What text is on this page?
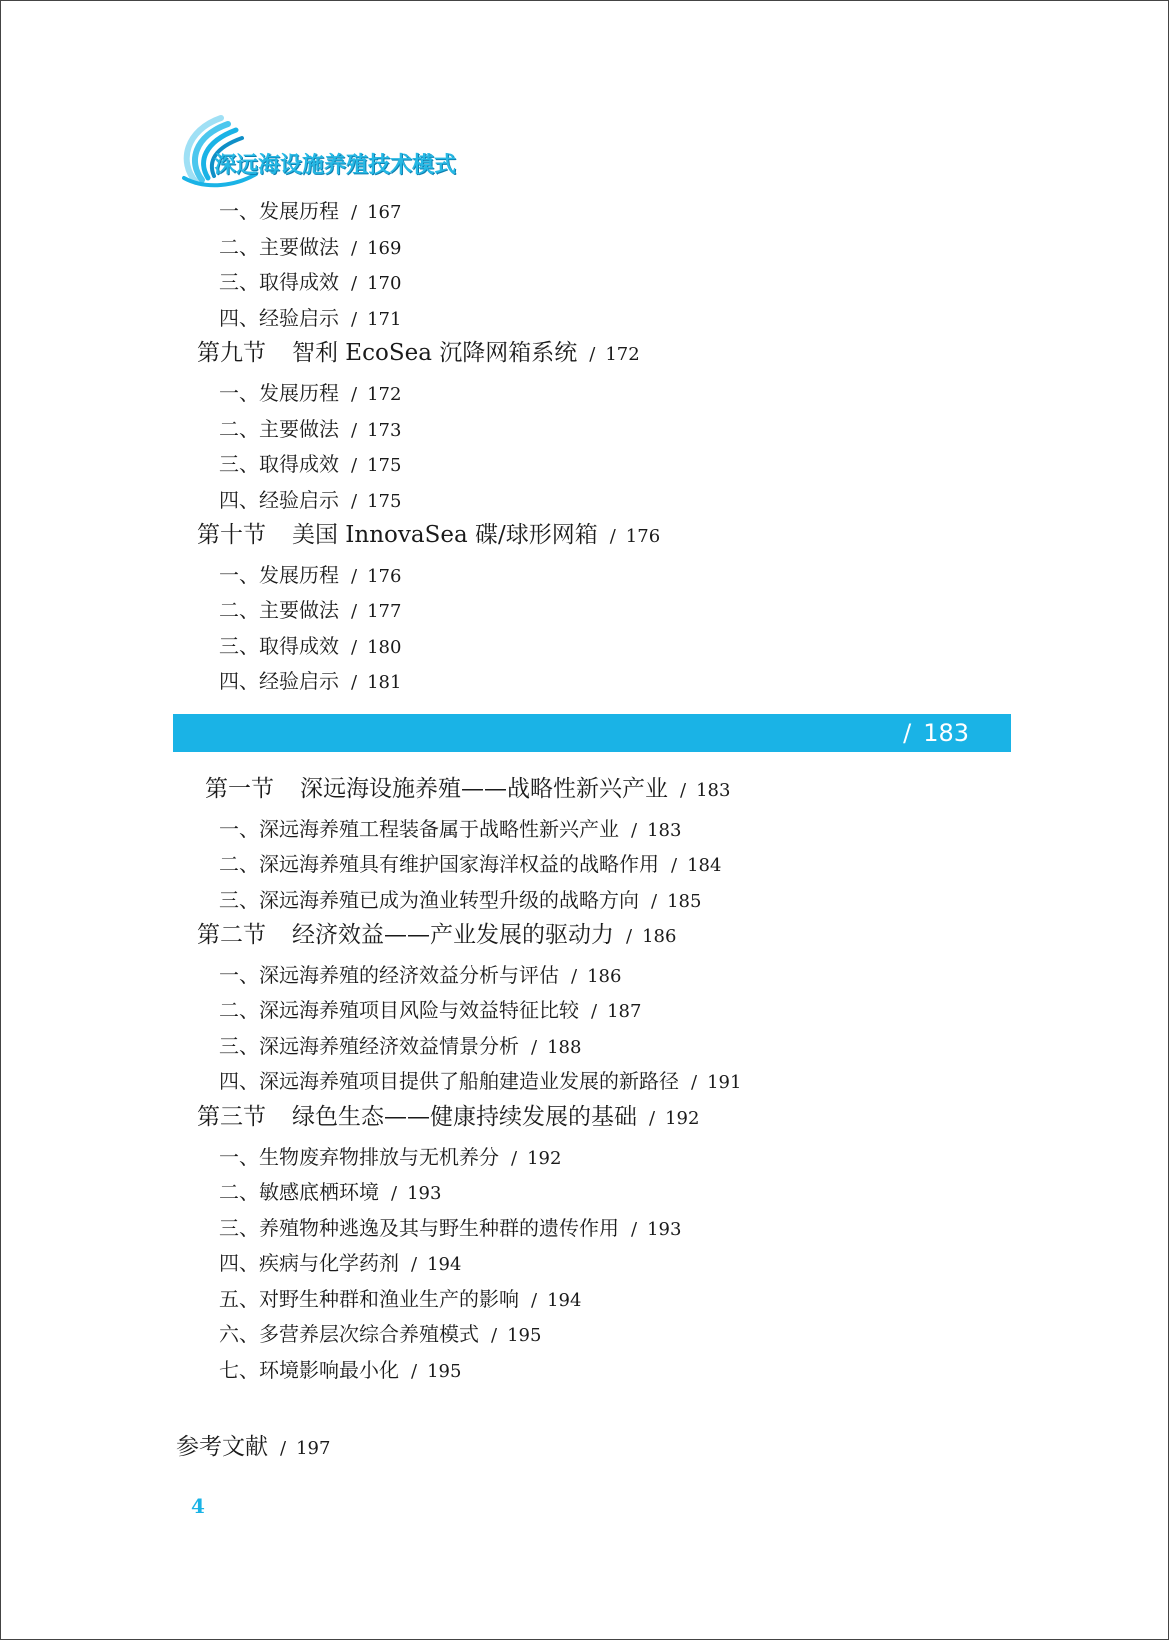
深远海设施养殖技术模式
一、发展历程 / 167
二、主要做法 / 169
三、取得成效 / 170
四、经验启示 / 171
第九节 智利 EcoSea 沉降网箱系统 / 172
一、发展历程 / 172
二、主要做法 / 173
三、取得成效 / 175
四、经验启示 / 175
第十节 美国 InnovaSea 碟/球形网箱 / 176
一、发展历程 / 176
二、主要做法 / 177
三、取得成效 / 180
四、经验启示 / 181
/ 183
第一节 深远海设施养殖——战略性新兴产业 / 183
一、深远海养殖工程装备属于战略性新兴产业 / 183
二、深远海养殖具有维护国家海洋权益的战略作用 / 184
三、深远海养殖已成为渔业转型升级的战略方向 / 185
第二节 经济效益——产业发展的驱动力 / 186
一、深远海养殖的经济效益分析与评估 / 186
二、深远海养殖项目风险与效益特征比较 / 187
三、深远海养殖经济效益情景分析 / 188
四、深远海养殖项目提供了船舶建造业发展的新路径 / 191
第三节 绿色生态——健康持续发展的基础 / 192
一、生物废弃物排放与无机养分 / 192
二、敏感底栖环境 / 193
三、养殖物种逃逸及其与野生种群的遗传作用 / 193
四、疾病与化学药剂 / 194
五、对野生种群和渔业生产的影响 / 194
六、多营养层次综合养殖模式 / 195
七、环境影响最小化 / 195
参考文献 / 197
4
